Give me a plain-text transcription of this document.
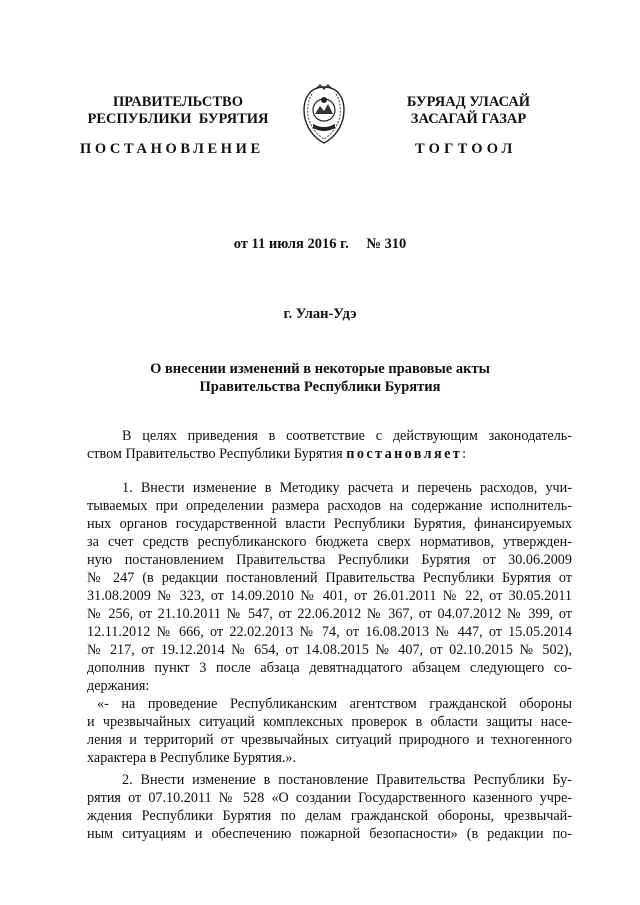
ПРАВИТЕЛЬСТВО
РЕСПУБЛИКИ  БУРЯТИЯ
БУРЯАД УЛАСАЙ
ЗАСАГАЙ ГАЗАР
ПОСТАНОВЛЕНИЕ	ТОГТООЛ
от 11 июля 2016 г. № 310
г. Улан-Удэ
О внесении изменений в некоторые правовые акты
Правительства Республики Бурятия
В целях приведения в соответствие с действующим законодатель-
ством Правительство Республики Бурятия постановляет:
1. Внести изменение в Методику расчета и перечень расходов, учи-
тываемых при определении размера расходов на содержание исполнитель-
ных органов государственной власти Республики Бурятия, финансируемых
за счет средств республиканского бюджета сверх нормативов, утвержден-
ную постановлением Правительства Республики Бурятия от 30.06.2009
№ 247 (в редакции постановлений Правительства Республики Бурятия от
31.08.2009 № 323, от 14.09.2010 № 401, от 26.01.2011 № 22, от 30.05.2011
№ 256, от 21.10.2011 № 547, от 22.06.2012 № 367, от 04.07.2012 № 399, от
12.11.2012 № 666, от 22.02.2013 № 74, от 16.08.2013 № 447, от 15.05.2014
№ 217, от 19.12.2014 № 654, от 14.08.2015 № 407, от 02.10.2015 № 502),
дополнив пункт 3 после абзаца девятнадцатого абзацем следующего со-
держания:
«- на проведение Республиканским агентством гражданской обороны
и чрезвычайных ситуаций комплексных проверок в области защиты насе-
ления и территорий от чрезвычайных ситуаций природного и техногенного
характера в Республике Бурятия.».
2. Внести изменение в постановление Правительства Республики Бу-
рятия от 07.10.2011 № 528 «О создании Государственного казенного учре-
ждения Республики Бурятия по делам гражданской обороны, чрезвычай-
ным ситуациям и обеспечению пожарной безопасности» (в редакции по-
